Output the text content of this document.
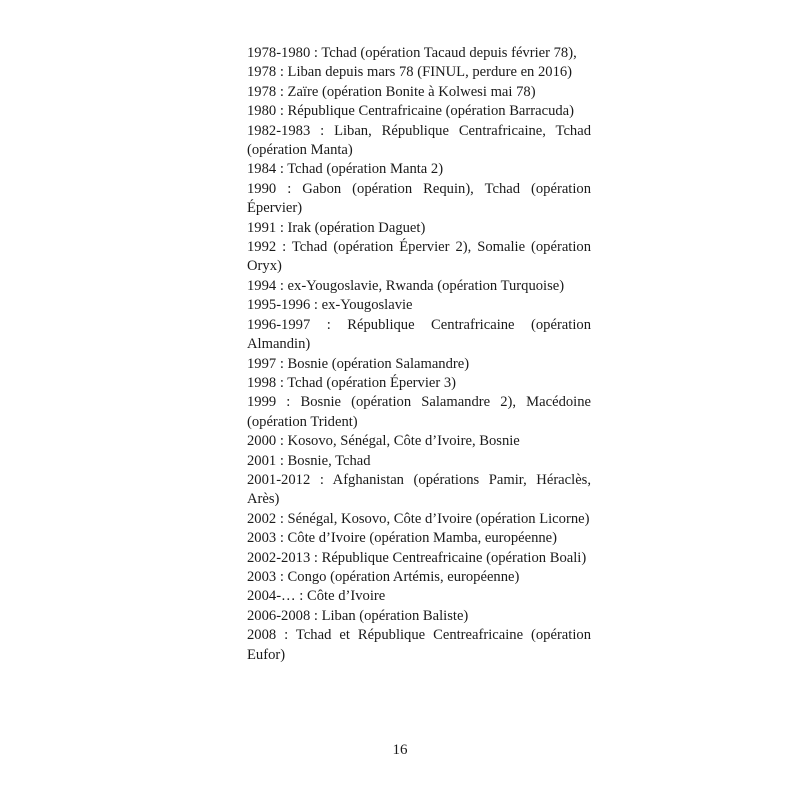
1978-1980 : Tchad (opération Tacaud depuis février 78),

1978 : Liban depuis mars 78 (FINUL, perdure en 2016)

1978 : Zaïre (opération Bonite à Kolwesi mai 78)

1980 : République Centrafricaine (opération Barracuda)

1982-1983 : Liban, République Centrafricaine, Tchad (opération Manta)

1984 : Tchad (opération Manta 2)

1990 : Gabon (opération Requin), Tchad (opération Épervier)

1991 : Irak (opération Daguet)

1992 : Tchad (opération Épervier 2), Somalie (opération Oryx)

1994 : ex-Yougoslavie, Rwanda (opération Turquoise)

1995-1996 : ex-Yougoslavie

1996-1997 : République Centrafricaine (opération Almandin)

1997 : Bosnie (opération Salamandre)

1998 : Tchad (opération Épervier 3)

1999 : Bosnie (opération Salamandre 2), Macédoine (opération Trident)

2000 : Kosovo, Sénégal, Côte d’Ivoire, Bosnie

2001 : Bosnie, Tchad

2001-2012 : Afghanistan (opérations Pamir, Héraclès, Arès)

2002 : Sénégal, Kosovo, Côte d’Ivoire (opération Licorne)

2003 : Côte d’Ivoire (opération Mamba, européenne)

2002-2013 : République Centreafricaine (opération Boali)

2003 : Congo (opération Artémis, européenne)

2004-… : Côte d’Ivoire

2006-2008 : Liban (opération Baliste)

2008 : Tchad et République Centreafricaine (opération Eufor)

16
